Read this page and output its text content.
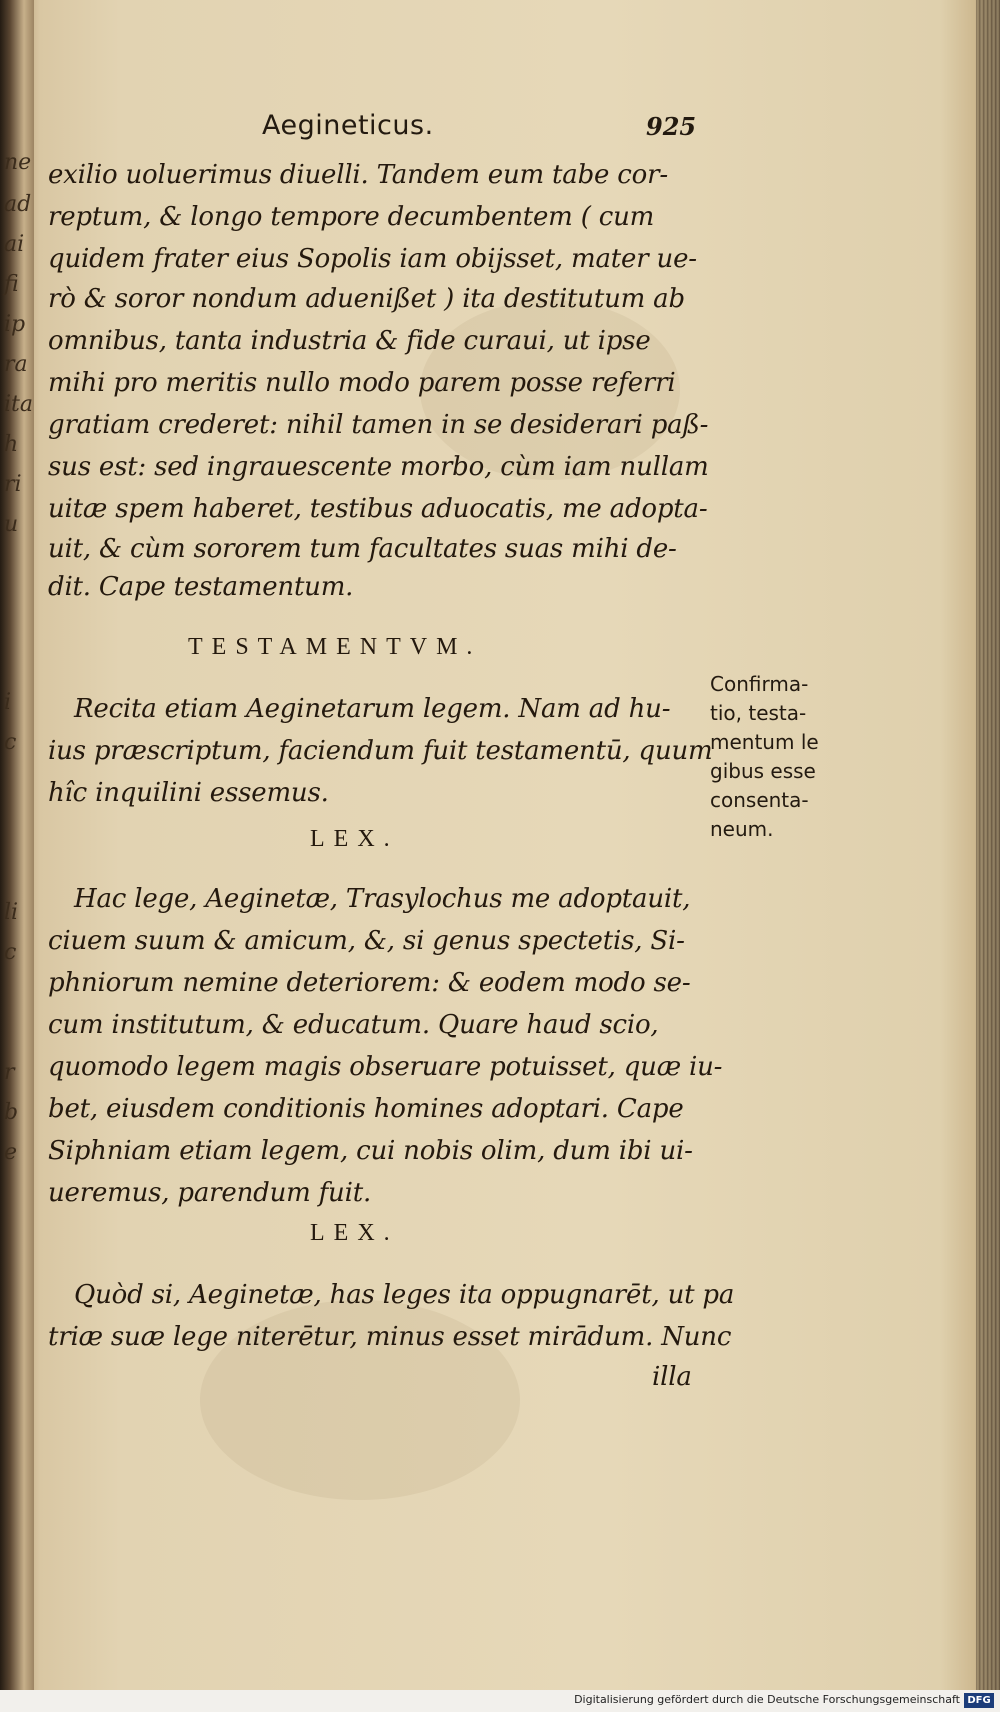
ne
ad
ai
fi
ip
ra
ita
h
ri
u
i
c
li
c
r
b
e
Aegineticus.	925
exilio uoluerimus diuelli. Tandem eum tabe cor-
reptum, & longo tempore decumbentem ( cum
quidem frater eius Sopolis iam obijsset, mater ue-
rò & soror nondum aduenißet ) ita destitutum ab
omnibus, tanta industria & fide curaui, ut ipse
mihi pro meritis nullo modo parem posse referri
gratiam crederet: nihil tamen in se desiderari paß-
sus est: sed ingrauescente morbo, cùm iam nullam
uitæ spem haberet, testibus aduocatis, me adopta-
uit, & cùm sororem tum facultates suas mihi de-
dit. Cape testamentum.
TESTAMENTVM.
Recita etiam Aeginetarum legem. Nam ad hu-
ius præscriptum, faciendum fuit testamentū, quum
hîc inquilini essemus.
Confirma-
tio, testa-
mentum le
gibus esse
consenta-
neum.
LEX.
Hac lege, Aeginetæ, Trasylochus me adoptauit,
ciuem suum & amicum, &, si genus spectetis, Si-
phniorum nemine deteriorem: & eodem modo se-
cum institutum, & educatum. Quare haud scio,
quomodo legem magis obseruare potuisset, quæ iu-
bet, eiusdem conditionis homines adoptari. Cape
Siphniam etiam legem, cui nobis olim, dum ibi ui-
ueremus, parendum fuit.
LEX.
Quòd si, Aeginetæ, has leges ita oppugnarēt, ut pa
triæ suæ lege niterētur, minus esset mirādum. Nunc
illa
Digitalisierung gefördert durch die Deutsche Forschungsgemeinschaft DFG
